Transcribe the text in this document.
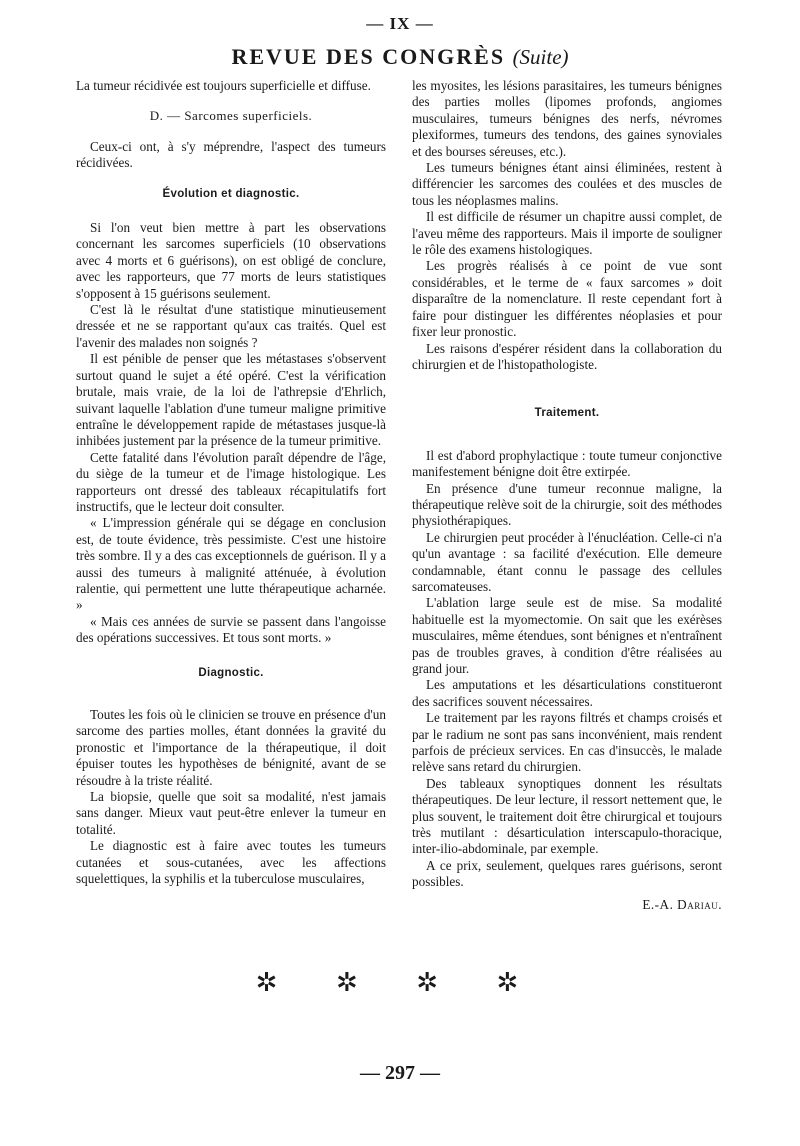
— IX —
REVUE DES CONGRÈS (Suite)

La tumeur récidivée est toujours superficielle et diffuse.

D. — Sarcomes superficiels.

Ceux-ci ont, à s'y méprendre, l'aspect des tumeurs récidivées.

Évolution et diagnostic.

Si l'on veut bien mettre à part les observations concernant les sarcomes superficiels (10 observations avec 4 morts et 6 guérisons), on est obligé de conclure, avec les rapporteurs, que 77 morts de leurs statistiques s'opposent à 15 guérisons seulement.

C'est là le résultat d'une statistique minutieusement dressée et ne se rapportant qu'aux cas traités. Quel est l'avenir des malades non soignés ?

Il est pénible de penser que les métastases s'observent surtout quand le sujet a été opéré. C'est la vérification brutale, mais vraie, de la loi de l'athrepsie d'Ehrlich, suivant laquelle l'ablation d'une tumeur maligne primitive entraîne le développement rapide de métastases jusque-là inhibées justement par la présence de la tumeur primitive.

Cette fatalité dans l'évolution paraît dépendre de l'âge, du siège de la tumeur et de l'image histologique. Les rapporteurs ont dressé des tableaux récapitulatifs fort instructifs, que le lecteur doit consulter.

« L'impression générale qui se dégage en conclusion est, de toute évidence, très pessimiste. C'est une histoire très sombre. Il y a des cas exceptionnels de guérison. Il y a aussi des tumeurs à malignité atténuée, à évolution ralentie, qui permettent une lutte thérapeutique acharnée. »

« Mais ces années de survie se passent dans l'angoisse des opérations successives. Et tous sont morts. »

Diagnostic.

Toutes les fois où le clinicien se trouve en présence d'un sarcome des parties molles, étant données la gravité du pronostic et l'importance de la thérapeutique, il doit épuiser toutes les hypothèses de bénignité, avant de se résoudre à la triste réalité.

La biopsie, quelle que soit sa modalité, n'est jamais sans danger. Mieux vaut peut-être enlever la tumeur en totalité.

Le diagnostic est à faire avec toutes les tumeurs cutanées et sous-cutanées, avec les affections squelettiques, la syphilis et la tuberculose musculaires,

les myosites, les lésions parasitaires, les tumeurs bénignes des parties molles (lipomes profonds, angiomes musculaires, tumeurs bénignes des nerfs, névromes plexiformes, tumeurs des tendons, des gaines synoviales et des bourses séreuses, etc.).

Les tumeurs bénignes étant ainsi éliminées, restent à différencier les sarcomes des coulées et des muscles de tous les néoplasmes malins.

Il est difficile de résumer un chapitre aussi complet, de l'aveu même des rapporteurs. Mais il importe de souligner le rôle des examens histologiques.

Les progrès réalisés à ce point de vue sont considérables, et le terme de « faux sarcomes » doit disparaître de la nomenclature. Il reste cependant fort à faire pour distinguer les différentes néoplasies et pour fixer leur pronostic.

Les raisons d'espérer résident dans la collaboration du chirurgien et de l'histopathologiste.

Traitement.

Il est d'abord prophylactique : toute tumeur conjonctive manifestement bénigne doit être extirpée.

En présence d'une tumeur reconnue maligne, la thérapeutique relève soit de la chirurgie, soit des méthodes physiothérapiques.

Le chirurgien peut procéder à l'énucléation. Celle-ci n'a qu'un avantage : sa facilité d'exécution. Elle demeure condamnable, étant connu le passage des cellules sarcomateuses.

L'ablation large seule est de mise. Sa modalité habituelle est la myomectomie. On sait que les exérèses musculaires, même étendues, sont bénignes et n'entraînent pas de troubles graves, à condition d'être réalisées au grand jour.

Les amputations et les désarticulations constitueront des sacrifices souvent nécessaires.

Le traitement par les rayons filtrés et champs croisés et par le radium ne sont pas sans inconvénient, mais rendent parfois de précieux services. En cas d'insuccès, le malade relève sans retard du chirurgien.

Des tableaux synoptiques donnent les résultats thérapeutiques. De leur lecture, il ressort nettement que, le plus souvent, le traitement doit être chirurgical et toujours très mutilant : désarticulation interscapulo-thoracique, inter-ilio-abdominale, par exemple.

A ce prix, seulement, quelques rares guérisons, seront possibles.

E.-A. Dariau.
✲ ✲ ✲ ✲
— 297 —
